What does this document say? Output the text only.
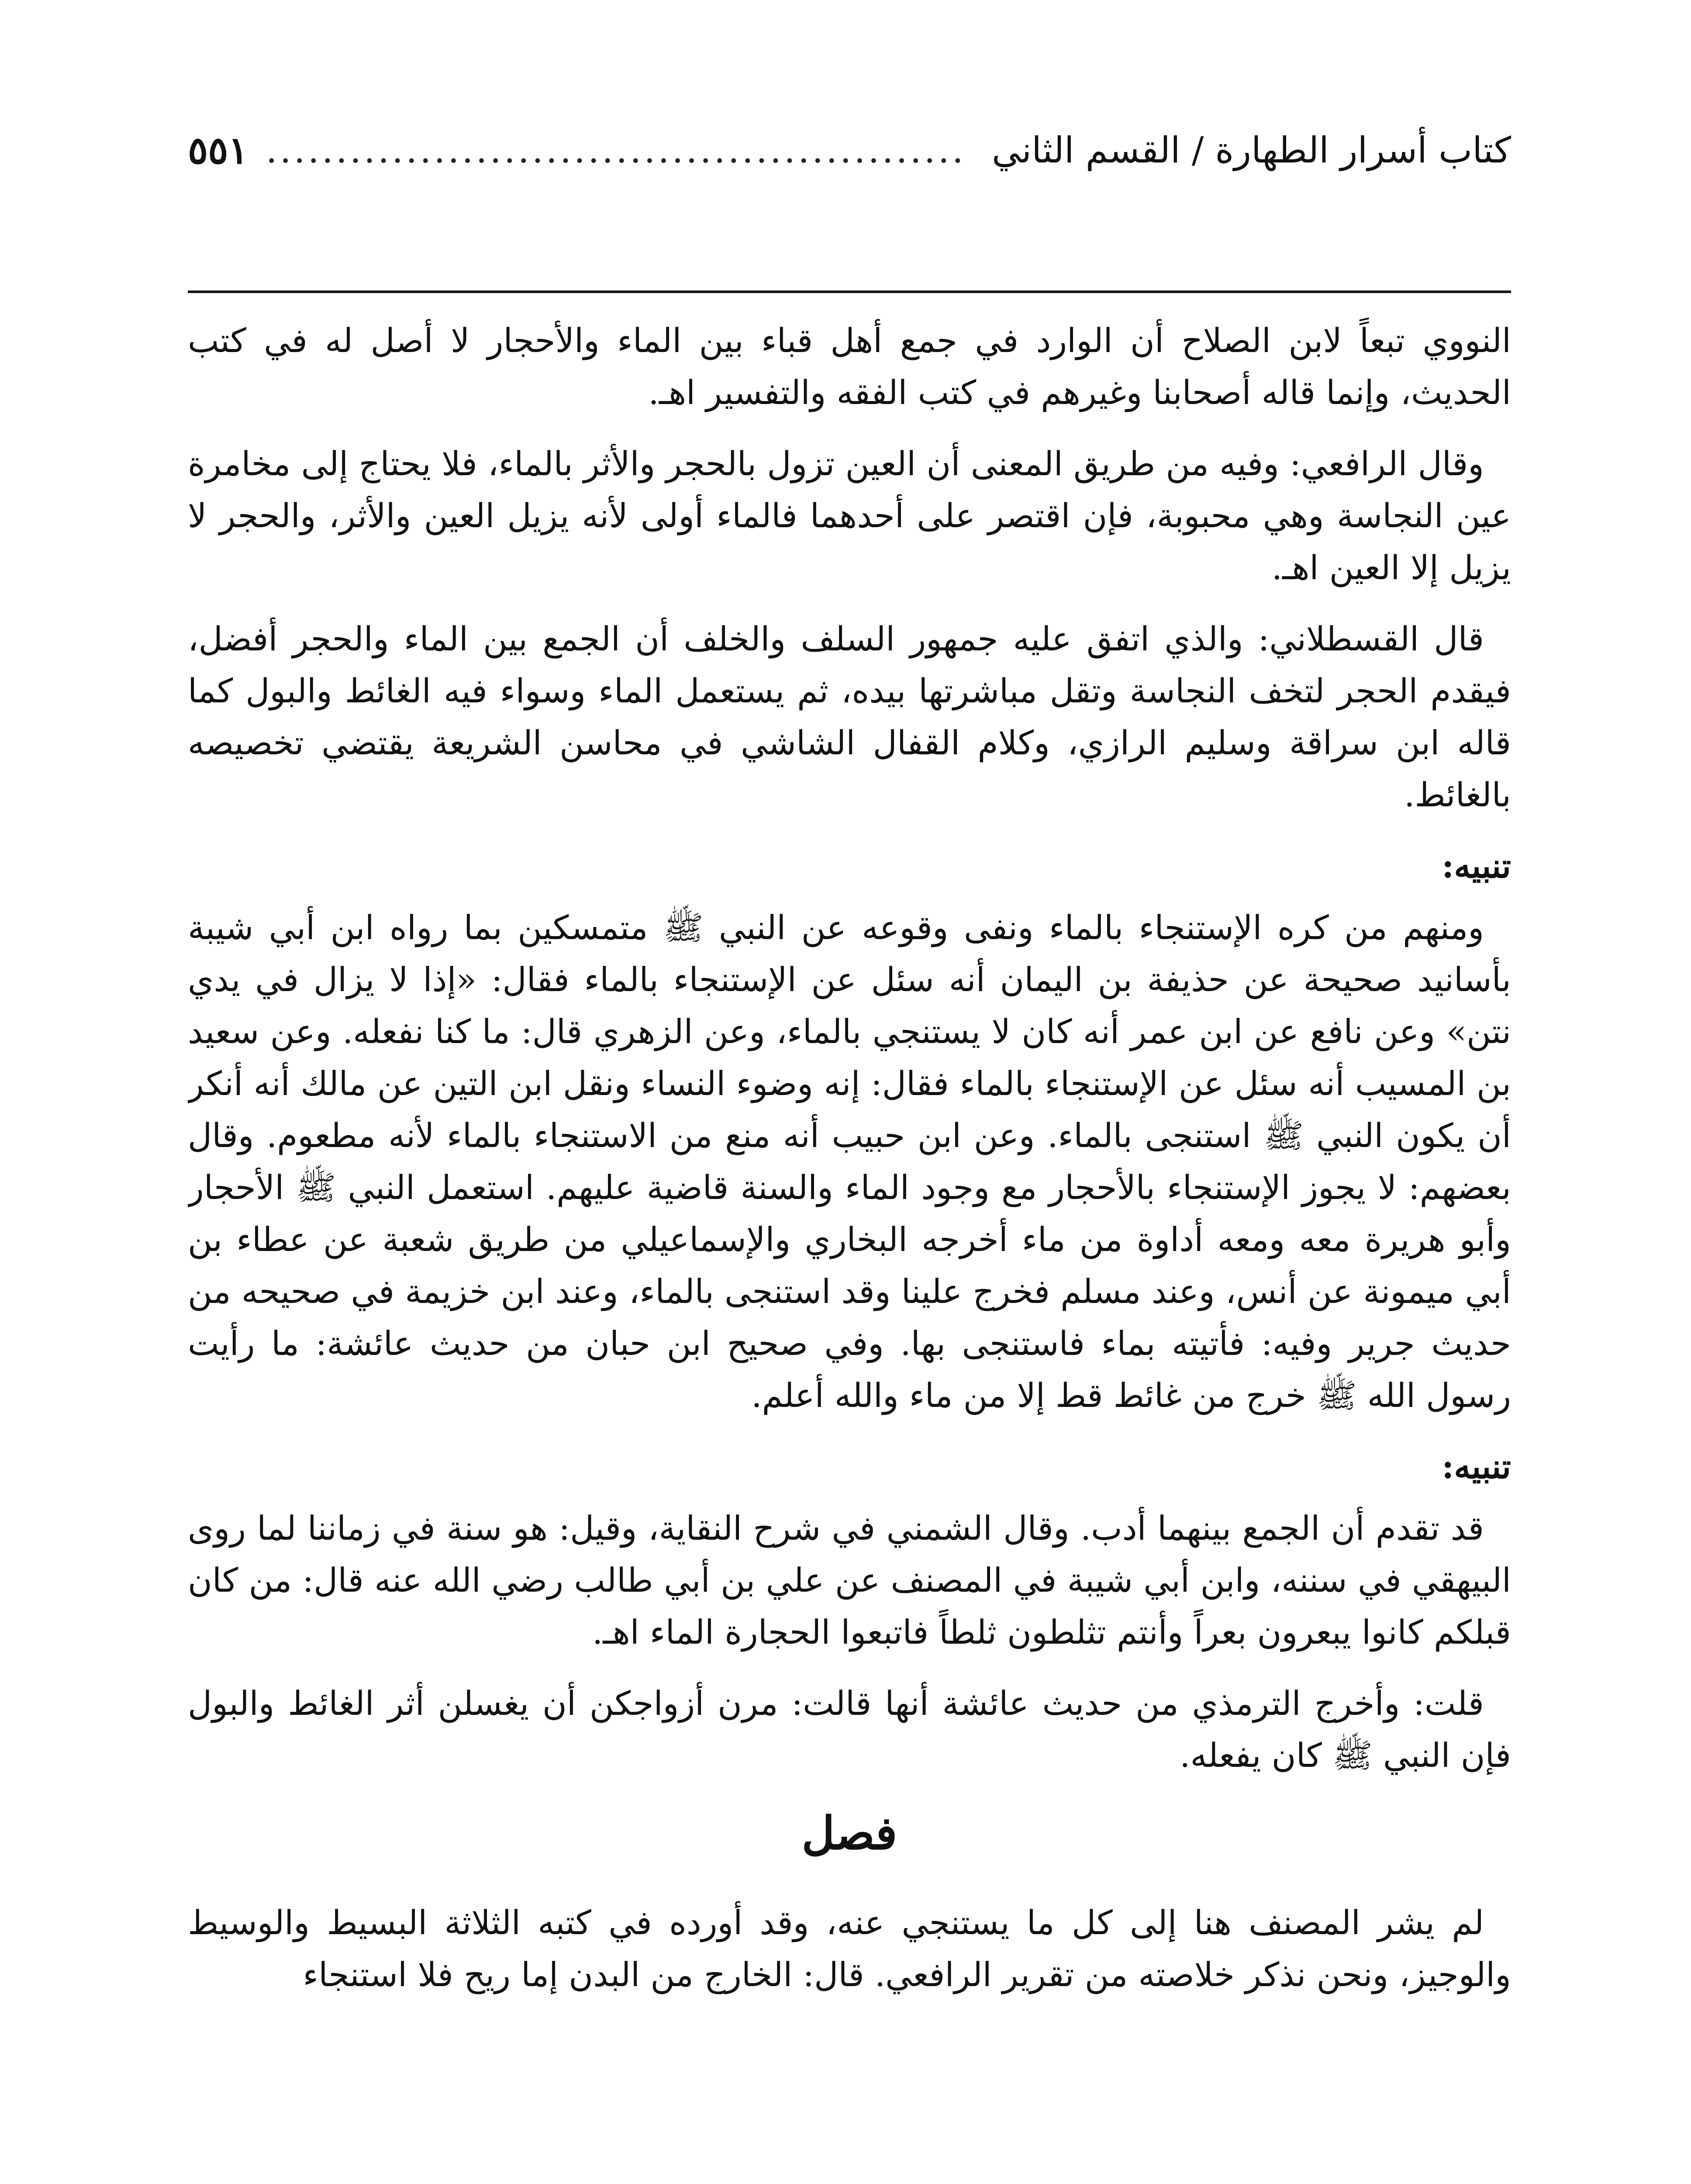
كتاب أسرار الطهارة / القسم الثاني
٥٥١ ..................................................

النووي تبعاً لابن الصلاح أن الوارد في جمع أهل قباء بين الماء والأحجار لا أصل له في كتب الحديث، وإنما قاله أصحابنا وغيرهم في كتب الفقه والتفسير اهـ.

وقال الرافعي: وفيه من طريق المعنى أن العين تزول بالحجر والأثر بالماء، فلا يحتاج إلى مخامرة عين النجاسة وهي محبوبة، فإن اقتصر على أحدهما فالماء أولى لأنه يزيل العين والأثر، والحجر لا يزيل إلا العين اهـ.

قال القسطلاني: والذي اتفق عليه جمهور السلف والخلف أن الجمع بين الماء والحجر أفضل، فيقدم الحجر لتخف النجاسة وتقل مباشرتها بيده، ثم يستعمل الماء وسواء فيه الغائط والبول كما قاله ابن سراقة وسليم الرازي، وكلام القفال الشاشي في محاسن الشريعة يقتضي تخصيصه بالغائط.

تنبيه:

ومنهم من كره الإستنجاء بالماء ونفى وقوعه عن النبي ﷺ متمسكين بما رواه ابن أبي شيبة بأسانيد صحيحة عن حذيفة بن اليمان أنه سئل عن الإستنجاء بالماء فقال: «إذا لا يزال في يدي نتن» وعن نافع عن ابن عمر أنه كان لا يستنجي بالماء، وعن الزهري قال: ما كنا نفعله. وعن سعيد بن المسيب أنه سئل عن الإستنجاء بالماء فقال: إنه وضوء النساء ونقل ابن التين عن مالك أنه أنكر أن يكون النبي ﷺ استنجى بالماء. وعن ابن حبيب أنه منع من الاستنجاء بالماء لأنه مطعوم. وقال بعضهم: لا يجوز الإستنجاء بالأحجار مع وجود الماء والسنة قاضية عليهم. استعمل النبي ﷺ الأحجار وأبو هريرة معه ومعه أداوة من ماء أخرجه البخاري والإسماعيلي من طريق شعبة عن عطاء بن أبي ميمونة عن أنس، وعند مسلم فخرج علينا وقد استنجى بالماء، وعند ابن خزيمة في صحيحه من حديث جرير وفيه: فأتيته بماء فاستنجى بها. وفي صحيح ابن حبان من حديث عائشة: ما رأيت رسول الله ﷺ خرج من غائط قط إلا من ماء والله أعلم.

تنبيه:

قد تقدم أن الجمع بينهما أدب. وقال الشمني في شرح النقاية، وقيل: هو سنة في زماننا لما روى البيهقي في سننه، وابن أبي شيبة في المصنف عن علي بن أبي طالب رضي الله عنه قال: من كان قبلكم كانوا يبعرون بعراً وأنتم تثلطون ثلطاً فاتبعوا الحجارة الماء اهـ.

قلت: وأخرج الترمذي من حديث عائشة أنها قالت: مرن أزواجكن أن يغسلن أثر الغائط والبول فإن النبي ﷺ كان يفعله.

فصل

لم يشر المصنف هنا إلى كل ما يستنجي عنه، وقد أورده في كتبه الثلاثة البسيط والوسيط والوجيز، ونحن نذكر خلاصته من تقرير الرافعي. قال: الخارج من البدن إما ريح فلا استنجاء
